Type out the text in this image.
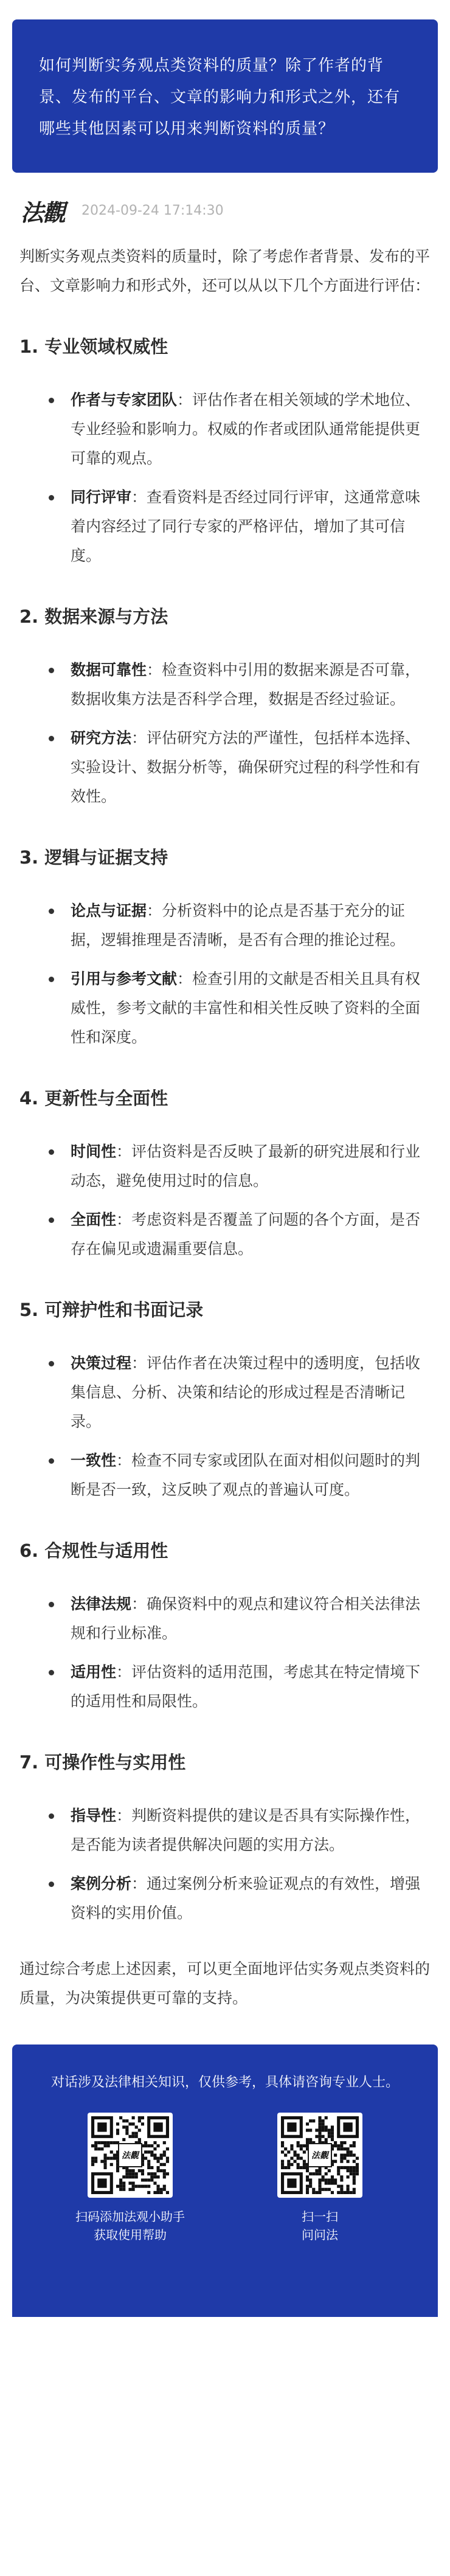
如何判断实务观点类资料的质量？除了作者的背景、发布的平台、文章的影响力和形式之外，还有哪些其他因素可以用来判断资料的质量？
法觀 2024-09-24 17:14:30

判断实务观点类资料的质量时，除了考虑作者背景、发布的平台、文章影响力和形式外，还可以从以下几个方面进行评估：

1. 专业领域权威性
作者与专家团队：评估作者在相关领域的学术地位、专业经验和影响力。权威的作者或团队通常能提供更可靠的观点。
同行评审：查看资料是否经过同行评审，这通常意味着内容经过了同行专家的严格评估，增加了其可信度。
2. 数据来源与方法
数据可靠性：检查资料中引用的数据来源是否可靠，数据收集方法是否科学合理，数据是否经过验证。
研究方法：评估研究方法的严谨性，包括样本选择、实验设计、数据分析等，确保研究过程的科学性和有效性。
3. 逻辑与证据支持
论点与证据：分析资料中的论点是否基于充分的证据，逻辑推理是否清晰，是否有合理的推论过程。
引用与参考文献：检查引用的文献是否相关且具有权威性，参考文献的丰富性和相关性反映了资料的全面性和深度。
4. 更新性与全面性
时间性：评估资料是否反映了最新的研究进展和行业动态，避免使用过时的信息。
全面性：考虑资料是否覆盖了问题的各个方面，是否存在偏见或遗漏重要信息。
5. 可辩护性和书面记录
决策过程：评估作者在决策过程中的透明度，包括收集信息、分析、决策和结论的形成过程是否清晰记录。
一致性：检查不同专家或团队在面对相似问题时的判断是否一致，这反映了观点的普遍认可度。
6. 合规性与适用性
法律法规：确保资料中的观点和建议符合相关法律法规和行业标准。
适用性：评估资料的适用范围，考虑其在特定情境下的适用性和局限性。
7. 可操作性与实用性
指导性：判断资料提供的建议是否具有实际操作性，是否能为读者提供解决问题的实用方法。
案例分析：通过案例分析来验证观点的有效性，增强资料的实用价值。

通过综合考虑上述因素，可以更全面地评估实务观点类资料的质量，为决策提供更可靠的支持。

对话涉及法律相关知识，仅供参考，具体请咨询专业人士。
法觀
扫码添加法观小助手
获取使用帮助
法觀
扫一扫
问问法
